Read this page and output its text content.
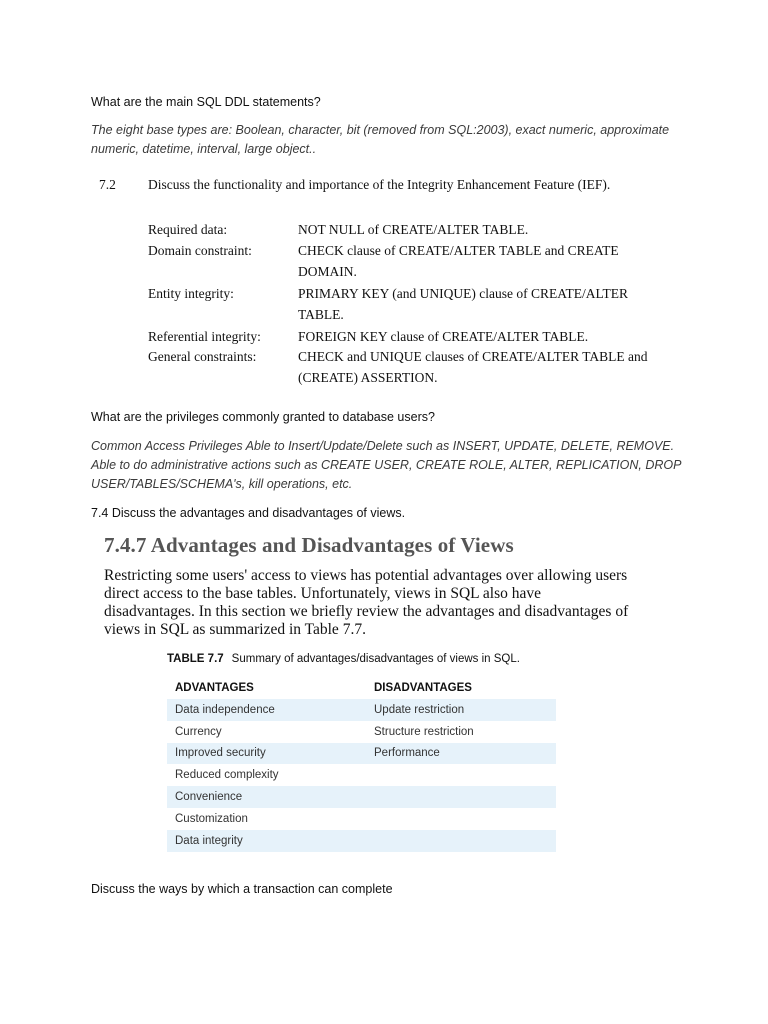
What are the main SQL DDL statements?
The eight base types are: Boolean, character, bit (removed from SQL:2003), exact numeric, approximate numeric, datetime, interval, large object..
7.2 Discuss the functionality and importance of the Integrity Enhancement Feature (IEF).
Required data:	NOT NULL of CREATE/ALTER TABLE.
Domain constraint:	CHECK clause of CREATE/ALTER TABLE and CREATE DOMAIN.
Entity integrity:	PRIMARY KEY (and UNIQUE) clause of CREATE/ALTER TABLE.
Referential integrity:	FOREIGN KEY clause of CREATE/ALTER TABLE.
General constraints:	CHECK and UNIQUE clauses of CREATE/ALTER TABLE and (CREATE) ASSERTION.
What are the privileges commonly granted to database users?
Common Access Privileges Able to Insert/Update/Delete such as INSERT, UPDATE, DELETE, REMOVE. Able to do administrative actions such as CREATE USER, CREATE ROLE, ALTER, REPLICATION, DROP USER/TABLES/SCHEMA's, kill operations, etc.
7.4 Discuss the advantages and disadvantages of views.
7.4.7 Advantages and Disadvantages of Views
Restricting some users' access to views has potential advantages over allowing users direct access to the base tables. Unfortunately, views in SQL also have disadvantages. In this section we briefly review the advantages and disadvantages of views in SQL as summarized in Table 7.7.
TABLE 7.7 Summary of advantages/disadvantages of views in SQL.
ADVANTAGES	DISADVANTAGES
Data independence	Update restriction
Currency	Structure restriction
Improved security	Performance
Reduced complexity	
Convenience	
Customization	
Data integrity	
Discuss the ways by which a transaction can complete
